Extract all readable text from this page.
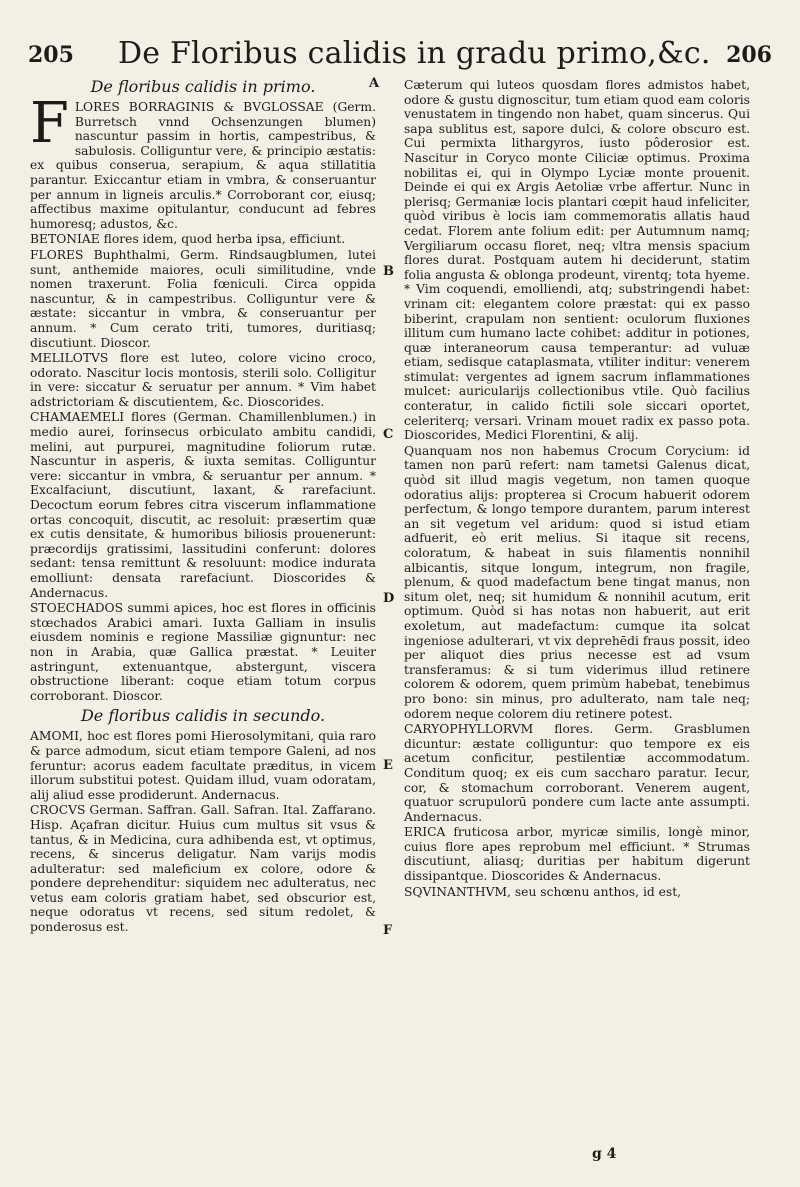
205 De Floribus calidis in gradu primo,&c. 206
De floribus calidis in primo.

FLORES BORRAGINIS & BVGLOSSAE (Germ. Burretsch vnnd Ochsenzungen blumen) nascuntur passim in hortis, campestribus, & sabulosis. Colliguntur vere, & principio æstatis: ex quibus conserua, serapium, & aqua stillatitia parantur. Exiccantur etiam in vmbra, & conseruantur per annum in ligneis arculis.* Corroborant cor, eiusq; affectibus maxime opitulantur, conducunt ad febres humoresq; adustos, &c.

BETONIAE flores idem, quod herba ipsa, efficiunt.

FLORES Buphthalmi, Germ. Rindsaugblumen, lutei sunt, anthemide maiores, oculi similitudine, vnde nomen traxerunt. Folia fœniculi. Circa oppida nascuntur, & in campestribus. Colliguntur vere & æstate: siccantur in vmbra, & conseruantur per annum. * Cum cerato triti, tumores, duritiasq; discutiunt. Dioscor.

MELILOTVS flore est luteo, colore vicino croco, odorato. Nascitur locis montosis, sterili solo. Colligitur in vere: siccatur & seruatur per annum. * Vim habet adstrictoriam & discutientem, &c. Dioscorides.

CHAMAEMELI flores (German. Chamillenblumen.) in medio aurei, forinsecus orbiculato ambitu candidi, melini, aut purpurei, magnitudine foliorum rutæ. Nascuntur in asperis, & iuxta semitas. Colliguntur vere: siccantur in vmbra, & seruantur per annum. * Excalfaciunt, discutiunt, laxant, & rarefaciunt. Decoctum eorum febres citra viscerum inflammatione ortas concoquit, discutit, ac resoluit: præsertim quæ ex cutis densitate, & humoribus biliosis prouenerunt: præcordijs gratissimi, lassitudini conferunt: dolores sedant: tensa remittunt & resoluunt: modice indurata emolliunt: densata rarefaciunt. Dioscorides & Andernacus.

STOECHADOS summi apices, hoc est flores in officinis stœchados Arabici amari. Iuxta Galliam in insulis eiusdem nominis e regione Massiliæ gignuntur: nec non in Arabia, quæ Gallica præstat. * Leuiter astringunt, extenuantque, abstergunt, viscera obstructione liberant: coque etiam totum corpus corroborant. Dioscor.

De floribus calidis in secundo.

AMOMI, hoc est flores pomi Hierosolymitani, quia raro & parce admodum, sicut etiam tempore Galeni, ad nos feruntur: acorus eadem facultate præditus, in vicem illorum substitui potest. Quidam illud, vuam odoratam, alij aliud esse prodiderunt. Andernacus.

CROCVS German. Saffran. Gall. Safran. Ital. Zaffarano. Hisp. Açafran dicitur. Huius cum multus sit vsus & tantus, & in Medicina, cura adhibenda est, vt optimus, recens, & sincerus deligatur. Nam varijs modis adulteratur: sed maleficium ex colore, odore & pondere deprehenditur: siquidem nec adulteratus, nec vetus eam coloris gratiam habet, sed obscurior est, neque odoratus vt recens, sed situm redolet, & ponderosus est.

Cæterum qui luteos quosdam flores admistos habet, odore & gustu dignoscitur, tum etiam quod eam coloris venustatem in tingendo non habet, quam sincerus. Qui sapa sublitus est, sapore dulci, & colore obscuro est. Cui permixta lithargyros, iusto pôderosior est. Nascitur in Coryco monte Ciliciæ optimus. Proxima nobilitas ei, qui in Olympo Lyciæ monte prouenit. Deinde ei qui ex Argis Aetoliæ vrbe affertur. Nunc in plerisq; Germaniæ locis plantari cœpit haud infeliciter, quòd viribus è locis iam commemoratis allatis haud cedat. Florem ante folium edit: per Autumnum namq; Vergiliarum occasu floret, neq; vltra mensis spacium flores durat. Postquam autem hi deciderunt, statim folia angusta & oblonga prodeunt, virentq; tota hyeme. * Vim coquendi, emolliendi, atq; substringendi habet: vrinam cit: elegantem colore præstat: qui ex passo biberint, crapulam non sentient: oculorum fluxiones illitum cum humano lacte cohibet: additur in potiones, quæ interaneorum causa temperantur: ad vuluæ etiam, sedisque cataplasmata, vtiliter inditur: venerem stimulat: vergentes ad ignem sacrum inflammationes mulcet: auricularijs collectionibus vtile. Quò facilius conteratur, in calido fictili sole siccari oportet, celeriterq; versari. Vrinam mouet radix ex passo pota. Dioscorides, Medici Florentini, & alij.

Quanquam nos non habemus Crocum Corycium: id tamen non parū refert: nam tametsi Galenus dicat, quòd sit illud magis vegetum, non tamen quoque odoratius alijs: propterea si Crocum habuerit odorem perfectum, & longo tempore durantem, parum interest an sit vegetum vel aridum: quod si istud etiam adfuerit, eò erit melius. Si itaque sit recens, coloratum, & habeat in suis filamentis nonnihil albicantis, sitque longum, integrum, non fragile, plenum, & quod madefactum bene tingat manus, non situm olet, neq; sit humidum & nonnihil acutum, erit optimum. Quòd si has notas non habuerit, aut erit exoletum, aut madefactum: cumque ita solcat ingeniose adulterari, vt vix deprehēdi fraus possit, ideo per aliquot dies prius necesse est ad vsum transferamus: & si tum viderimus illud retinere colorem & odorem, quem primùm habebat, tenebimus pro bono: sin minus, pro adulterato, nam tale neq; odorem neque colorem diu retinere potest.

CARYOPHYLLORVM flores. Germ. Grasblumen dicuntur: æstate colliguntur: quo tempore ex eis acetum conficitur, pestilentiæ accommodatum. Conditum quoq; ex eis cum saccharo paratur. Iecur, cor, & stomachum corroborant. Venerem augent, quatuor scrupulorū pondere cum lacte ante assumpti. Andernacus.

ERICA fruticosa arbor, myricæ similis, longè minor, cuius flore apes reprobum mel efficiunt. * Strumas discutiunt, aliasq; duritias per habitum digerunt dissipantque. Dioscorides & Andernacus.

SQVINANTHVM, seu schœnu anthos, id est,

A
B
C
D
E
F
g 4
